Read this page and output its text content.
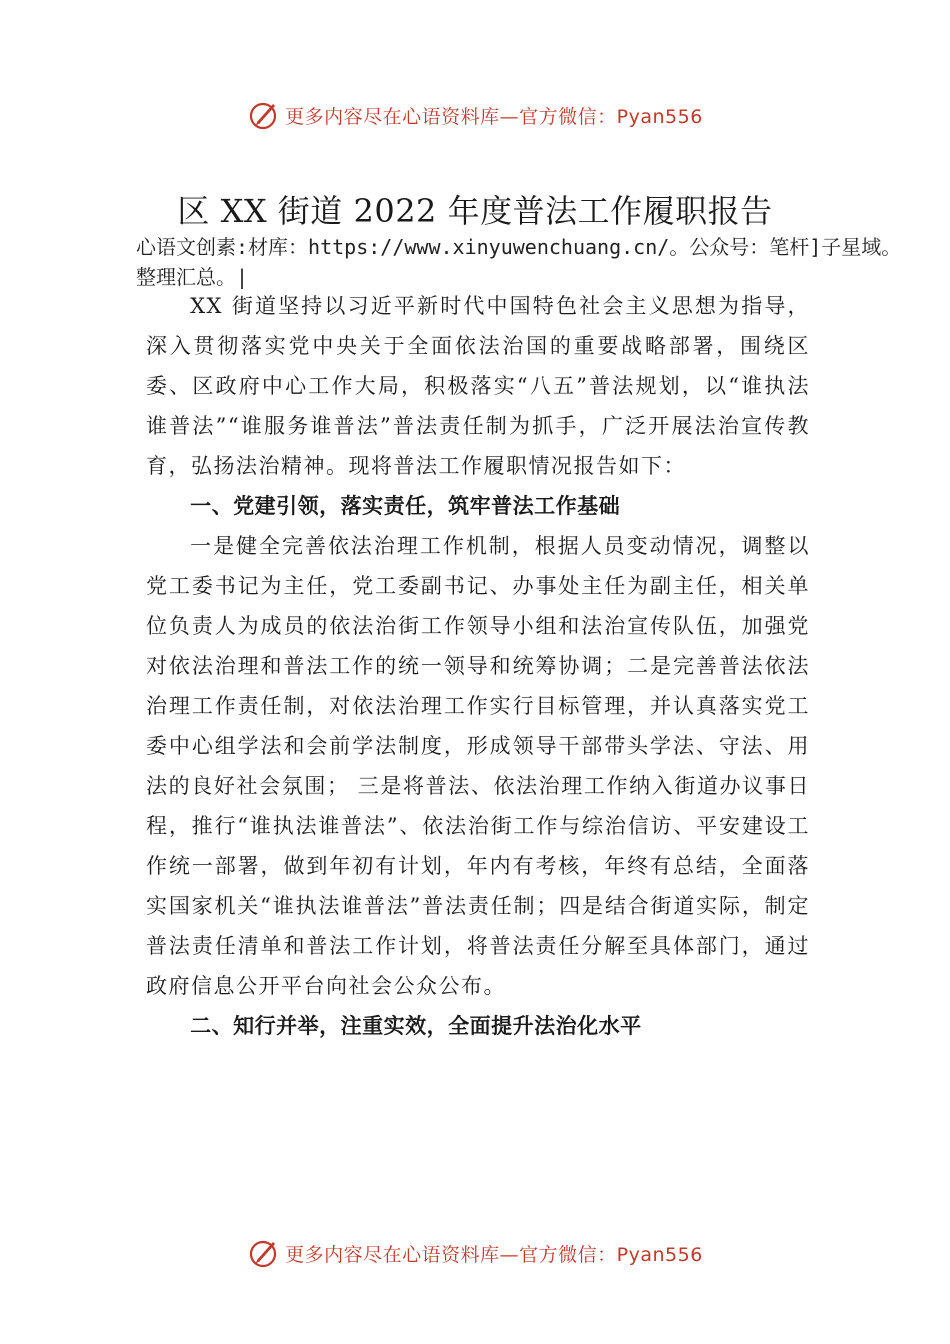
更多内容尽在心语资料库—官方微信：Pyan556
区 XX 街道 2022 年度普法工作履职报告
心语文创素:材库：https://www.xinyuwenchuang.cn/。公众号：笔杆]子星域。整理汇总。|

XX 街道坚持以习近平新时代中国特色社会主义思想为指导，深入贯彻落实党中央关于全面依法治国的重要战略部署，围绕区委、区政府中心工作大局，积极落实“八五”普法规划，以“谁执法谁普法”“谁服务谁普法”普法责任制为抓手，广泛开展法治宣传教育，弘扬法治精神。现将普法工作履职情况报告如下：

一、党建引领，落实责任，筑牢普法工作基础

一是健全完善依法治理工作机制，根据人员变动情况，调整以党工委书记为主任，党工委副书记、办事处主任为副主任，相关单位负责人为成员的依法治街工作领导小组和法治宣传队伍，加强党对依法治理和普法工作的统一领导和统筹协调；二是完善普法依法治理工作责任制，对依法治理工作实行目标管理，并认真落实党工委中心组学法和会前学法制度，形成领导干部带头学法、守法、用法的良好社会氛围； 三是将普法、依法治理工作纳入街道办议事日程，推行“谁执法谁普法”、依法治街工作与综治信访、平安建设工作统一部署，做到年初有计划，年内有考核，年终有总结，全面落实国家机关“谁执法谁普法”普法责任制；四是结合街道实际，制定普法责任清单和普法工作计划，将普法责任分解至具体部门，通过政府信息公开平台向社会公众公布。

二、知行并举，注重实效，全面提升法治化水平
更多内容尽在心语资料库—官方微信：Pyan556
